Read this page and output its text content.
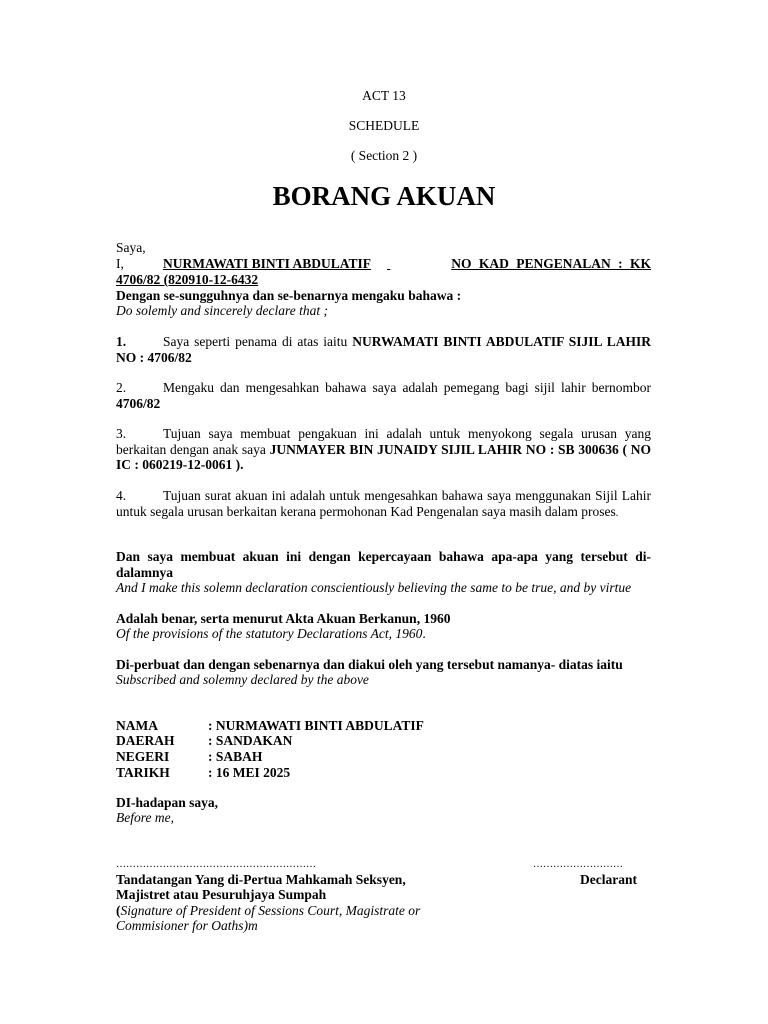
ACT 13
SCHEDULE
( Section 2 )
BORANG AKUAN
Saya,
I,	NURMAWATI BINTI ABDULATIF	NO KAD PENGENALAN : KK

4706/82 (820910-12-6432
Dengan se-sungguhnya dan se-benarnya mengaku bahawa :
Do solemly and sincerely declare that ;
1.	Saya seperti penama di atas iaitu NURWAMATI BINTI ABDULATIF SIJIL LAHIR NO : 4706/82
2.	Mengaku dan mengesahkan bahawa saya adalah pemegang bagi sijil lahir bernombor 4706/82
3.	Tujuan saya membuat pengakuan ini adalah untuk menyokong segala urusan yang berkaitan dengan anak saya JUNMAYER BIN JUNAIDY SIJIL LAHIR NO : SB 300636 ( NO IC : 060219-12-0061 ).
4.	Tujuan surat akuan ini adalah untuk mengesahkan bahawa saya menggunakan Sijil Lahir untuk segala urusan berkaitan kerana permohonan Kad Pengenalan saya masih dalam proses.
Dan saya membuat akuan ini dengan kepercayaan bahawa apa-apa yang tersebut di-dalamnya
And I make this solemn declaration conscientiously believing the same to be true, and by virtue
Adalah benar, serta menurut Akta Akuan Berkanun, 1960
Of the provisions of the statutory Declarations Act, 1960.
Di-perbuat dan dengan sebenarnya dan diakui oleh yang tersebut namanya- diatas iaitu
Subscribed and solemny declared by the above
NAMA	: NURMAWATI BINTI ABDULATIF
DAERAH : SANDAKAN
NEGERI	: SABAH
TARIKH	: 16 MEI 2025
DI-hadapan saya,
Before me,
……………………………………………………	………………………
Tandatangan Yang di-Pertua Mahkamah Seksyen,	Declarant
Majistret atau Pesuruhjaya Sumpah
(Signature of President of Sessions Court, Magistrate or
Commisioner for Oaths)m
